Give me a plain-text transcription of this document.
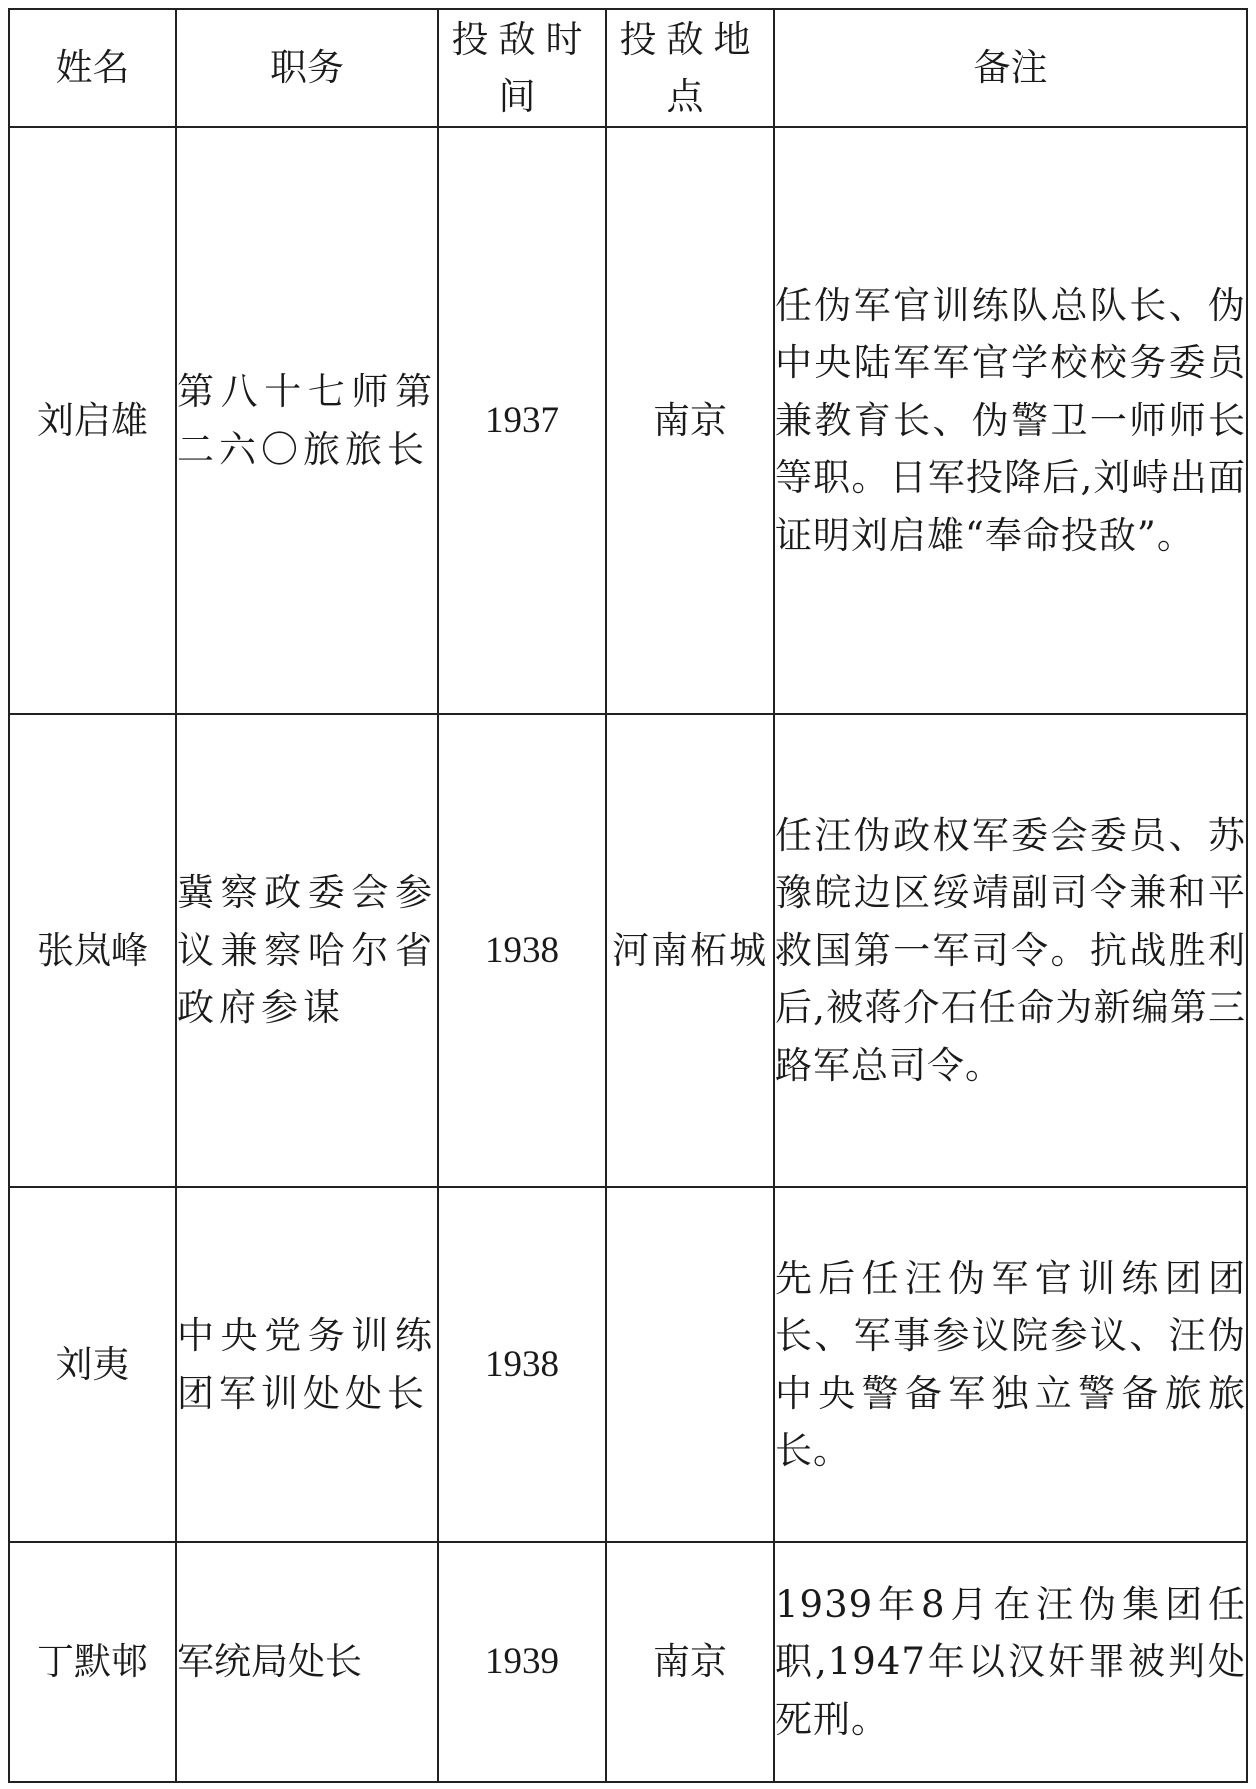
姓名	职务	投敌时间	投敌地点	备注
刘启雄	第八十七师第二六〇旅旅长	1937	南京	任伪军官训练队总队长、伪中央陆军军官学校校务委员兼教育长、伪警卫一师师长等职。日军投降后,刘峙出面证明刘启雄“奉命投敌”。
张岚峰	冀察政委会参议兼察哈尔省政府参谋	1938	河南柘城	任汪伪政权军委会委员、苏豫皖边区绥靖副司令兼和平救国第一军司令。抗战胜利后,被蒋介石任命为新编第三路军总司令。
刘夷	中央党务训练团军训处处长	1938		先后任汪伪军官训练团团长、军事参议院参议、汪伪中央警备军独立警备旅旅长。
丁默邨	军统局处长	1939	南京	1939年8月在汪伪集团任职,1947年以汉奸罪被判处死刑。
